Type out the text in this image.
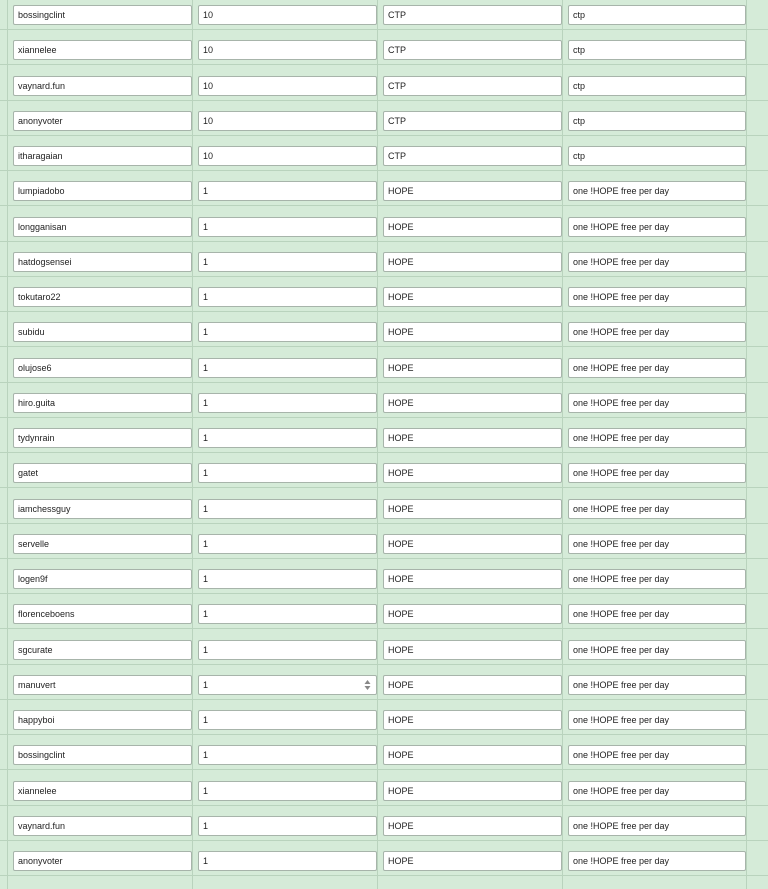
bossingclint	10	CTP	ctp
xiannelee	10	CTP	ctp
vaynard.fun	10	CTP	ctp
anonyvoter	10	CTP	ctp
itharagaian	10	CTP	ctp
lumpiadobo	1	HOPE	one !HOPE free per day
longganisan	1	HOPE	one !HOPE free per day
hatdogsensei	1	HOPE	one !HOPE free per day
tokutaro22	1	HOPE	one !HOPE free per day
subidu	1	HOPE	one !HOPE free per day
olujose6	1	HOPE	one !HOPE free per day
hiro.guita	1	HOPE	one !HOPE free per day
tydynrain	1	HOPE	one !HOPE free per day
gatet	1	HOPE	one !HOPE free per day
iamchessguy	1	HOPE	one !HOPE free per day
servelle	1	HOPE	one !HOPE free per day
logen9f	1	HOPE	one !HOPE free per day
florenceboens	1	HOPE	one !HOPE free per day
sgcurate	1	HOPE	one !HOPE free per day
manuvert	1	HOPE	one !HOPE free per day
happyboi	1	HOPE	one !HOPE free per day
bossingclint	1	HOPE	one !HOPE free per day
xiannelee	1	HOPE	one !HOPE free per day
vaynard.fun	1	HOPE	one !HOPE free per day
anonyvoter	1	HOPE	one !HOPE free per day
